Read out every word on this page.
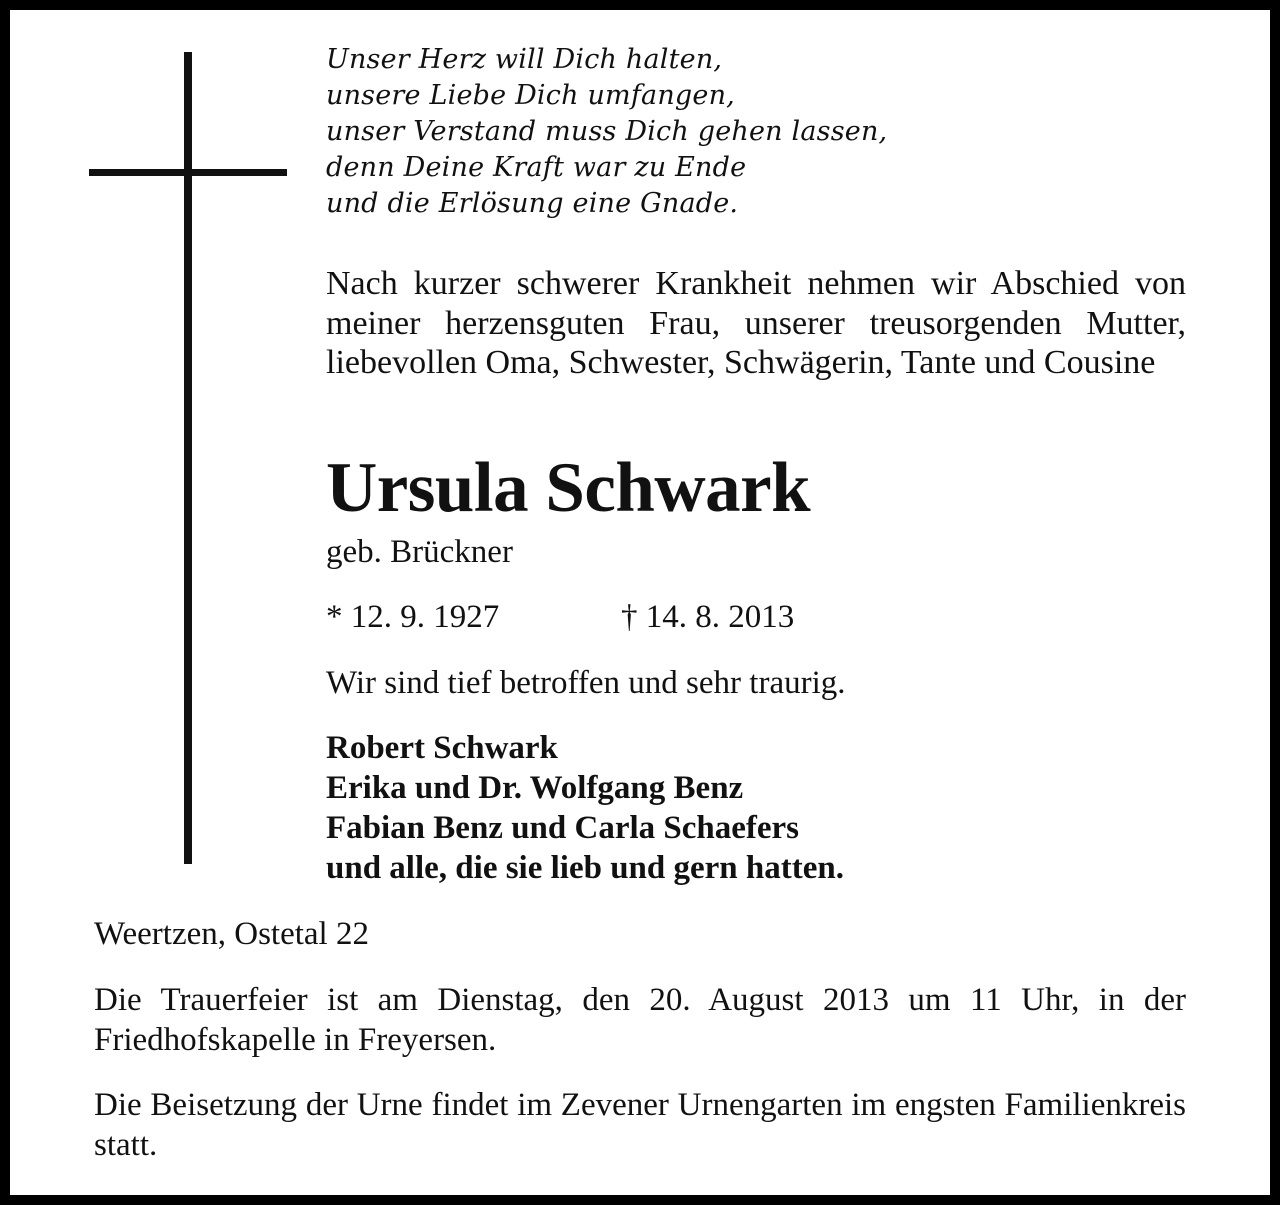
Unser Herz will Dich halten,
unsere Liebe Dich umfangen,
unser Verstand muss Dich gehen lassen,
denn Deine Kraft war zu Ende
und die Erlösung eine Gnade.
Nach kurzer schwerer Krankheit nehmen wir Abschied von meiner herzensguten Frau, unserer treusorgenden Mutter, liebevollen Oma, Schwester, Schwägerin, Tante und Cousine
Ursula Schwark
geb. Brückner
* 12. 9. 1927	† 14. 8. 2013
Wir sind tief betroffen und sehr traurig.
Robert Schwark
Erika und Dr. Wolfgang Benz
Fabian Benz und Carla Schaefers
und alle, die sie lieb und gern hatten.
Weertzen, Ostetal 22
Die Trauerfeier ist am Dienstag, den 20. August 2013 um 11 Uhr, in der Friedhofskapelle in Freyersen.
Die Beisetzung der Urne findet im Zevener Urnengarten im engsten Familienkreis statt.
